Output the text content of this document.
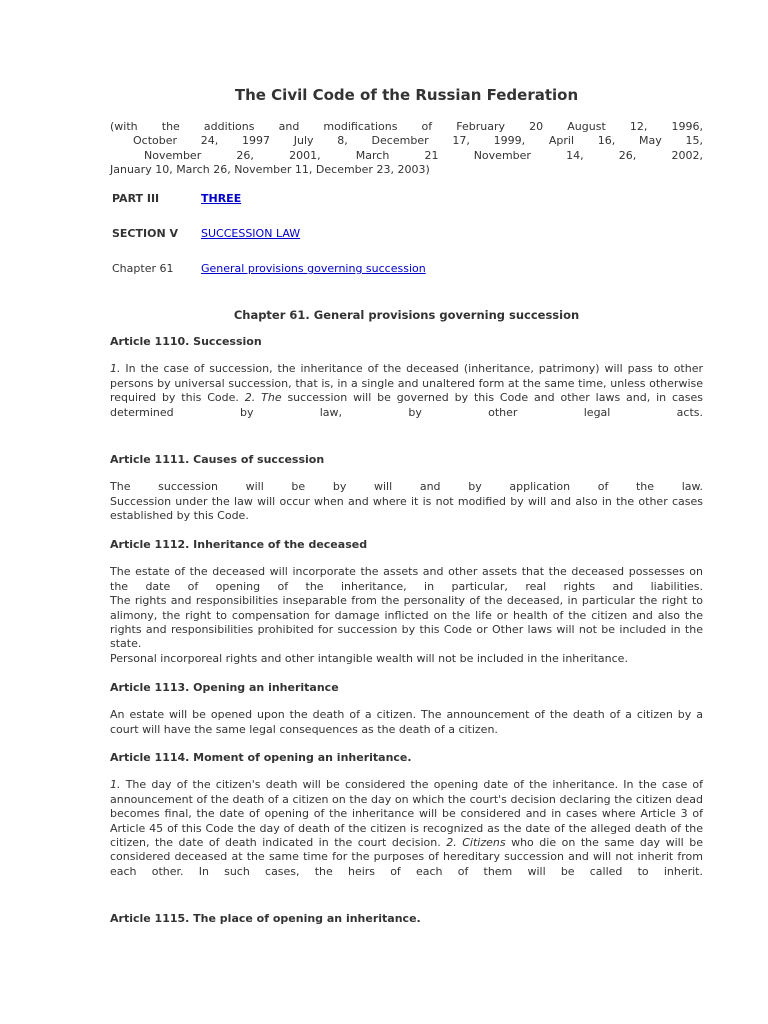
The Civil Code of the Russian Federation

(with the additions and modifications of February 20 August 12, 1996,

October 24, 1997 July 8, December 17, 1999, April 16, May 15,

November 26, 2001, March 21 November 14, 26, 2002,

January 10, March 26, November 11, December 23, 2003)

PART III	THREE
SECTION V	SUCCESSION LAW
Chapter 61	General provisions governing succession
Chapter 61. General provisions governing succession

Article 1110. Succession

1. In the case of succession, the inheritance of the deceased (inheritance, patrimony) will pass to other persons by universal succession, that is, in a single and unaltered form at the same time, unless otherwise required by this Code. 2. The succession will be governed by this Code and other laws and, in cases determined by law, by other legal acts.

Article 1111. Causes of succession

The succession will be by will and by application of the law.

Succession under the law will occur when and where it is not modified by will and also in the other cases established by this Code.

Article 1112. Inheritance of the deceased

The estate of the deceased will incorporate the assets and other assets that the deceased possesses on the date of opening of the inheritance, in particular, real rights and liabilities.

The rights and responsibilities inseparable from the personality of the deceased, in particular the right to alimony, the right to compensation for damage inflicted on the life or health of the citizen and also the rights and responsibilities prohibited for succession by this Code or Other laws will not be included in the state.

Personal incorporeal rights and other intangible wealth will not be included in the inheritance.

Article 1113. Opening an inheritance

An estate will be opened upon the death of a citizen. The announcement of the death of a citizen by a court will have the same legal consequences as the death of a citizen.

Article 1114. Moment of opening an inheritance.

1. The day of the citizen's death will be considered the opening date of the inheritance. In the case of announcement of the death of a citizen on the day on which the court's decision declaring the citizen dead becomes final, the date of opening of the inheritance will be considered and in cases where Article 3 of Article 45 of this Code the day of death of the citizen is recognized as the date of the alleged death of the citizen, the date of death indicated in the court decision. 2. Citizens who die on the same day will be considered deceased at the same time for the purposes of hereditary succession and will not inherit from each other. In such cases, the heirs of each of them will be called to inherit.

Article 1115. The place of opening an inheritance.
